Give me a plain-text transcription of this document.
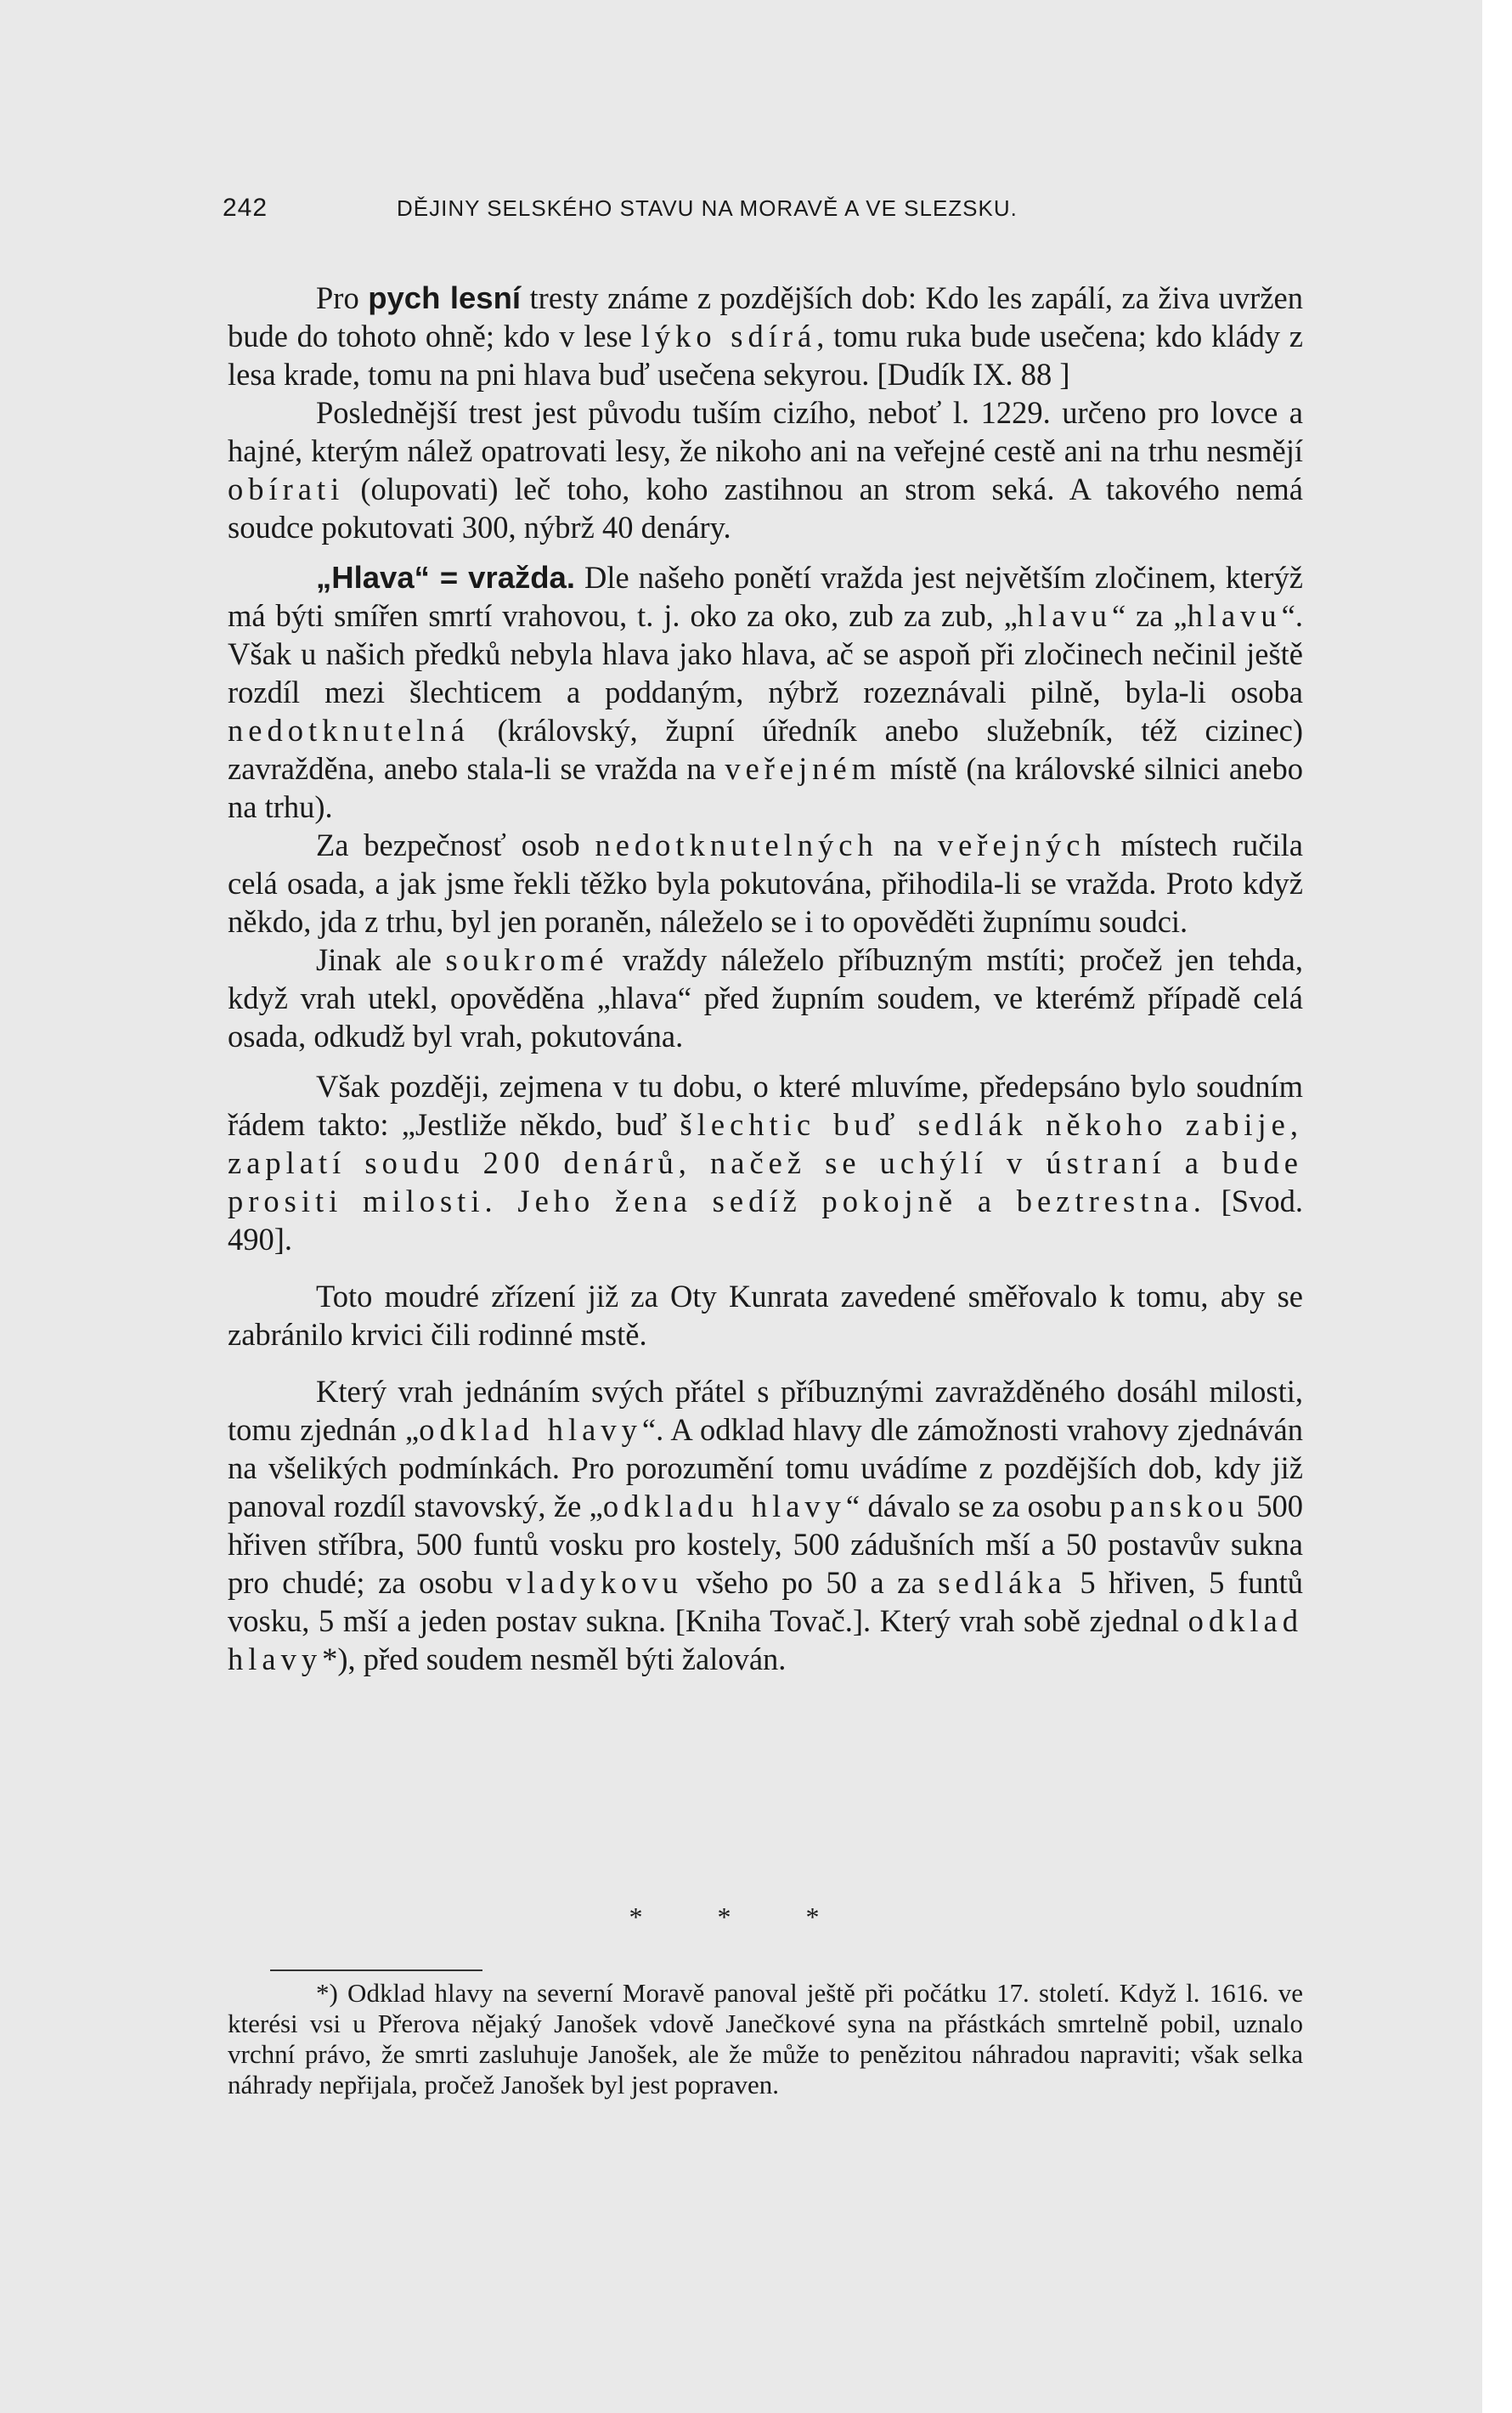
242	DĚJINY SELSKÉHO STAVU NA MORAVĚ A VE SLEZSKU.

Pro pych lesní tresty známe z pozdějších dob: Kdo les zapálí, za živa uvržen bude do tohoto ohně; kdo v lese lýko sdírá, tomu ruka bude usečena; kdo klády z lesa krade, tomu na pni hlava buď usečena sekyrou. [Dudík IX. 88 ]

Poslednější trest jest původu tuším cizího, neboť l. 1229. určeno pro lovce a hajné, kterým nálež opatrovati lesy, že nikoho ani na veřejné cestě ani na trhu nesmějí obírati (olupovati) leč toho, koho zastihnou an strom seká. A takového nemá soudce pokutovati 300, nýbrž 40 denáry.

„Hlava“ = vražda. Dle našeho ponětí vražda jest největším zločinem, kterýž má býti smířen smrtí vrahovou, t. j. oko za oko, zub za zub, „hlavu“ za „hlavu“. Však u našich předků nebyla hlava jako hlava, ač se aspoň při zločinech nečinil ještě rozdíl mezi šlechticem a poddaným, nýbrž rozeznávali pilně, byla-li osoba nedotknutelná (královský, župní úředník anebo služebník, též cizinec) zavražděna, anebo stala-li se vražda na veřejném místě (na královské silnici anebo na trhu).

Za bezpečnosť osob nedotknutelných na veřejných místech ručila celá osada, a jak jsme řekli těžko byla pokutována, přihodila-li se vražda. Proto když někdo, jda z trhu, byl jen poraněn, náleželo se i to opověděti župnímu soudci.

Jinak ale soukromé vraždy náleželo příbuzným mstíti; pročež jen tehda, když vrah utekl, opověděna „hlava“ před župním soudem, ve kterémž případě celá osada, odkudž byl vrah, pokutována.

Však později, zejmena v tu dobu, o které mluvíme, předepsáno bylo soudním řádem takto: „Jestliže někdo, buď šlechtic buď sedlák někoho zabije, zaplatí soudu 200 denárů, načež se uchýlí v ústraní a bude prositi milosti. Jeho žena sedíž pokojně a beztrestna. [Svod. 490].

Toto moudré zřízení již za Oty Kunrata zavedené směřovalo k tomu, aby se zabránilo krvici čili rodinné mstě.

Který vrah jednáním svých přátel s příbuznými zavražděného dosáhl milosti, tomu zjednán „odklad hlavy“. A odklad hlavy dle zámožnosti vrahovy zjednáván na všelikých podmínkách. Pro porozumění tomu uvádíme z pozdějších dob, kdy již panoval rozdíl stavovský, že „odkladu hlavy“ dávalo se za osobu panskou 500 hřiven stříbra, 500 funtů vosku pro kostely, 500 zádušních mší a 50 postavův sukna pro chudé; za osobu vladykovu všeho po 50 a za sedláka 5 hřiven, 5 funtů vosku, 5 mší a jeden postav sukna. [Kniha Tovač.]. Který vrah sobě zjednal odklad hlavy*), před soudem nesměl býti žalován.

* * *

*) Odklad hlavy na severní Moravě panoval ještě při počátku 17. století. Když l. 1616. ve kterési vsi u Přerova nějaký Janošek vdově Janečkové syna na přástkách smrtelně pobil, uznalo vrchní právo, že smrti zasluhuje Janošek, ale že může to penězitou náhradou napraviti; však selka náhrady nepřijala, pročež Janošek byl jest popraven.
